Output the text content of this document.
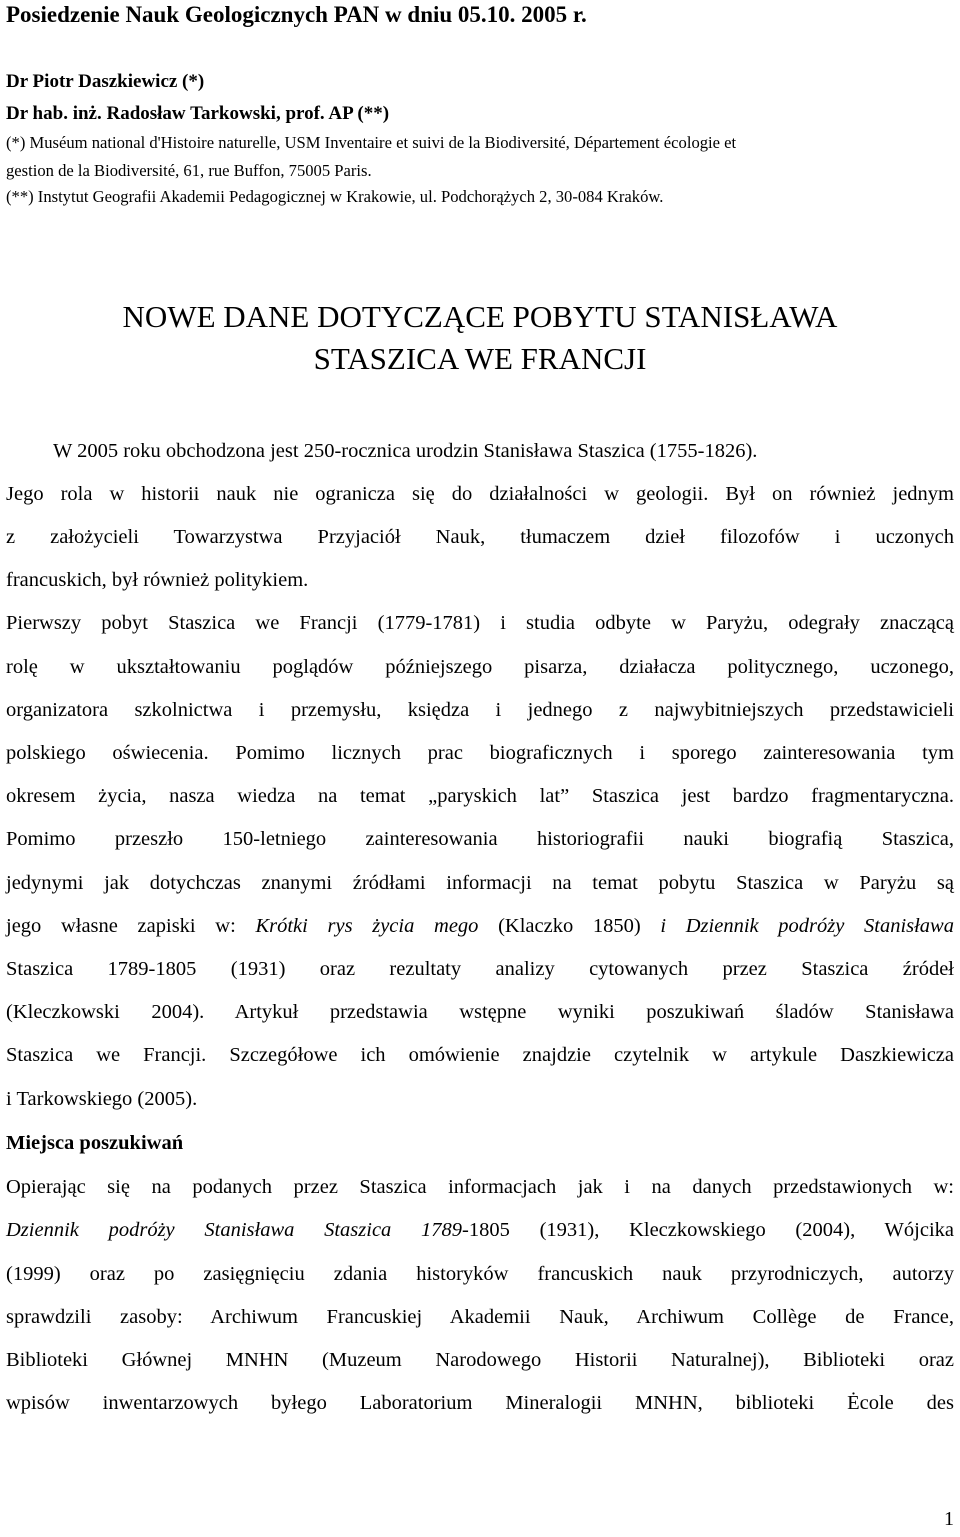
Posiedzenie Nauk Geologicznych PAN w dniu 05.10. 2005 r.
Dr Piotr Daszkiewicz (*)
Dr hab. inż. Radosław Tarkowski, prof. AP (**)
(*) Muséum national d'Histoire naturelle, USM Inventaire et suivi de la Biodiversité, Département écologie et
gestion de la Biodiversité, 61, rue Buffon, 75005 Paris.
(**) Instytut Geografii Akademii Pedagogicznej w Krakowie, ul. Podchorążych 2, 30-084 Kraków.
NOWE DANE DOTYCZĄCE POBYTU STANISŁAWA
STASZICA WE FRANCJI
W 2005 roku obchodzona jest 250-rocznica urodzin Stanisława Staszica (1755-1826).
Jego rola w historii nauk nie ogranicza się do działalności w geologii. Był on również jednym
z założycieli Towarzystwa Przyjaciół Nauk, tłumaczem dzieł filozofów i uczonych
francuskich, był również politykiem.
Pierwszy pobyt Staszica we Francji (1779-1781) i studia odbyte w Paryżu, odegrały znaczącą
rolę w ukształtowaniu poglądów późniejszego pisarza, działacza politycznego, uczonego,
organizatora szkolnictwa i przemysłu, księdza i jednego z najwybitniejszych przedstawicieli
polskiego oświecenia. Pomimo licznych prac biograficznych i sporego zainteresowania tym
okresem życia, nasza wiedza na temat „paryskich lat” Staszica jest bardzo fragmentaryczna.
Pomimo przeszło 150-letniego zainteresowania historiografii nauki biografią Staszica,
jedynymi jak dotychczas znanymi źródłami informacji na temat pobytu Staszica w Paryżu są
jego własne zapiski w: Krótki rys życia mego (Klaczko 1850) i Dziennik podróży Stanisława
Staszica 1789-1805 (1931) oraz rezultaty analizy cytowanych przez Staszica źródeł
(Kleczkowski 2004). Artykuł przedstawia wstępne wyniki poszukiwań śladów Stanisława
Staszica we Francji. Szczegółowe ich omówienie znajdzie czytelnik w artykule Daszkiewicza
i Tarkowskiego (2005).
Miejsca poszukiwań
Opierając się na podanych przez Staszica informacjach jak i na danych przedstawionych w:
Dziennik podróży Stanisława Staszica 1789-1805 (1931), Kleczkowskiego (2004), Wójcika
(1999) oraz po zasięgnięciu zdania historyków francuskich nauk przyrodniczych, autorzy
sprawdzili zasoby: Archiwum Francuskiej Akademii Nauk, Archiwum Collège de France,
Biblioteki Głównej MNHN (Muzeum Narodowego Historii Naturalnej), Biblioteki oraz
wpisów inwentarzowych byłego Laboratorium Mineralogii MNHN, biblioteki Ėcole des
1
